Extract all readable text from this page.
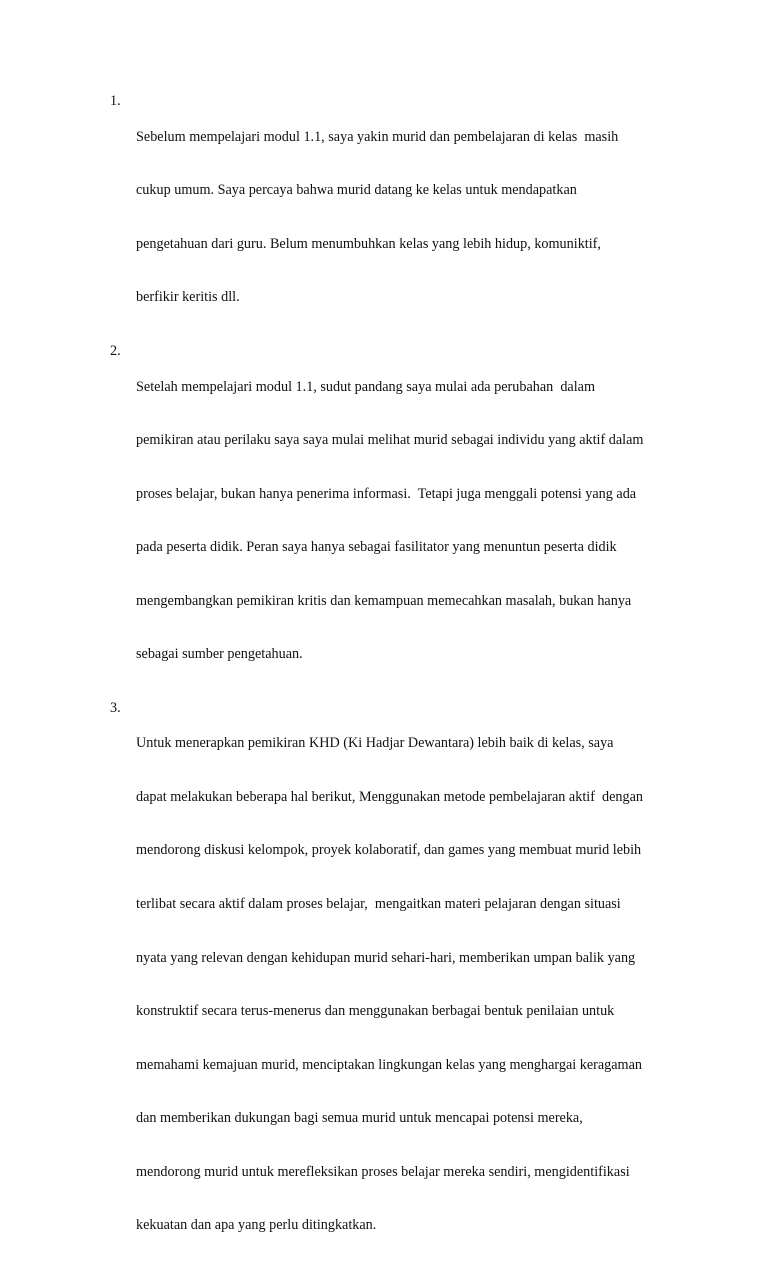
1.

Sebelum mempelajari modul 1.1, saya yakin murid dan pembelajaran di kelas  masih

cukup umum. Saya percaya bahwa murid datang ke kelas untuk mendapatkan

pengetahuan dari guru. Belum menumbuhkan kelas yang lebih hidup, komuniktif,

berfikir keritis dll.

2.

Setelah mempelajari modul 1.1, sudut pandang saya mulai ada perubahan  dalam

pemikiran atau perilaku saya saya mulai melihat murid sebagai individu yang aktif dalam

proses belajar, bukan hanya penerima informasi.  Tetapi juga menggali potensi yang ada

pada peserta didik. Peran saya hanya sebagai fasilitator yang menuntun peserta didik

mengembangkan pemikiran kritis dan kemampuan memecahkan masalah, bukan hanya

sebagai sumber pengetahuan.

3.

Untuk menerapkan pemikiran KHD (Ki Hadjar Dewantara) lebih baik di kelas, saya

dapat melakukan beberapa hal berikut, Menggunakan metode pembelajaran aktif  dengan

mendorong diskusi kelompok, proyek kolaboratif, dan games yang membuat murid lebih

terlibat secara aktif dalam proses belajar,  mengaitkan materi pelajaran dengan situasi

nyata yang relevan dengan kehidupan murid sehari-hari, memberikan umpan balik yang

konstruktif secara terus-menerus dan menggunakan berbagai bentuk penilaian untuk

memahami kemajuan murid, menciptakan lingkungan kelas yang menghargai keragaman

dan memberikan dukungan bagi semua murid untuk mencapai potensi mereka,

mendorong murid untuk merefleksikan proses belajar mereka sendiri, mengidentifikasi

kekuatan dan apa yang perlu ditingkatkan.
